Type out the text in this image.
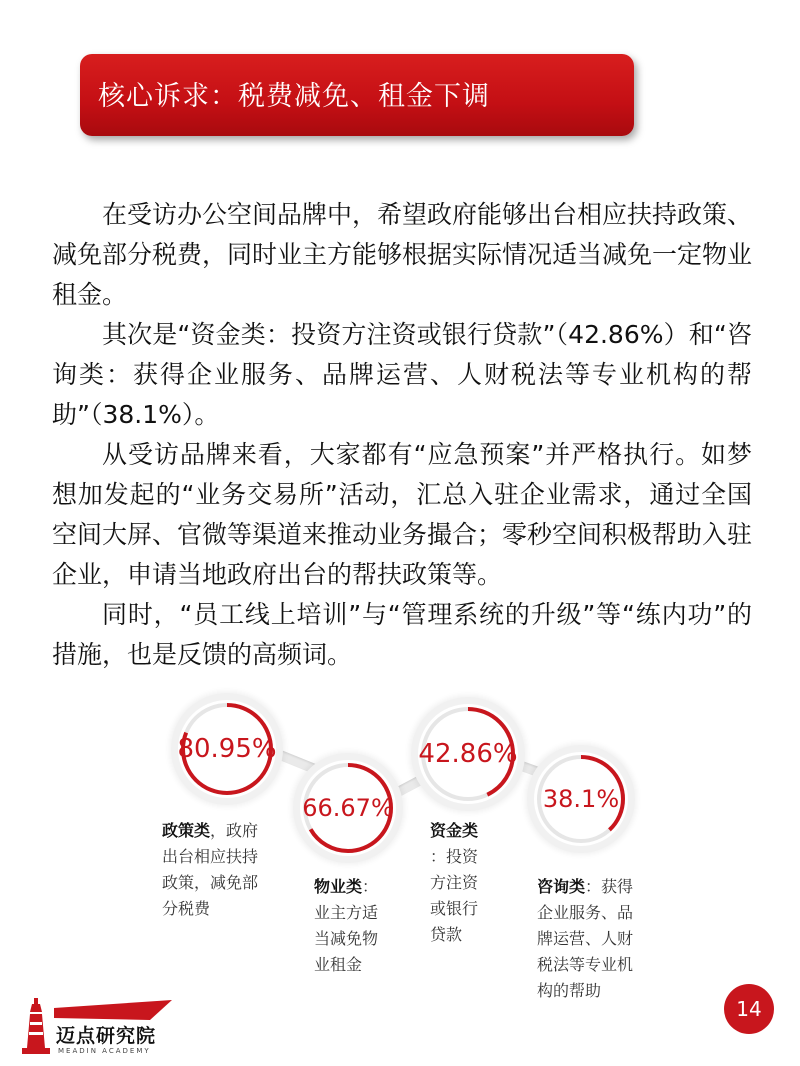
核心诉求：税费减免、租金下调

在受访办公空间品牌中，希望政府能够出台相应扶持政策、减免部分税费，同时业主方能够根据实际情况适当减免一定物业租金。

其次是“资金类：投资方注资或银行贷款”（42.86%）和“咨询类：获得企业服务、品牌运营、人财税法等专业机构的帮助”（38.1%）。

从受访品牌来看，大家都有“应急预案”并严格执行。如梦想加发起的“业务交易所”活动，汇总入驻企业需求，通过全国空间大屏、官微等渠道来推动业务撮合；零秒空间积极帮助入驻企业，申请当地政府出台的帮扶政策等。

同时，“员工线上培训”与“管理系统的升级”等“练内功”的措施，也是反馈的高频词。

80.95%
66.67%
42.86%
38.1%
政策类，政府
出台相应扶持
政策，减免部
分税费
物业类：
业主方适
当减免物
业租金
资金类
：投资
方注资
或银行
贷款
咨询类：获得
企业服务、品
牌运营、人财
税法等专业机
构的帮助
迈点研究院
MEADIN ACADEMY
14
